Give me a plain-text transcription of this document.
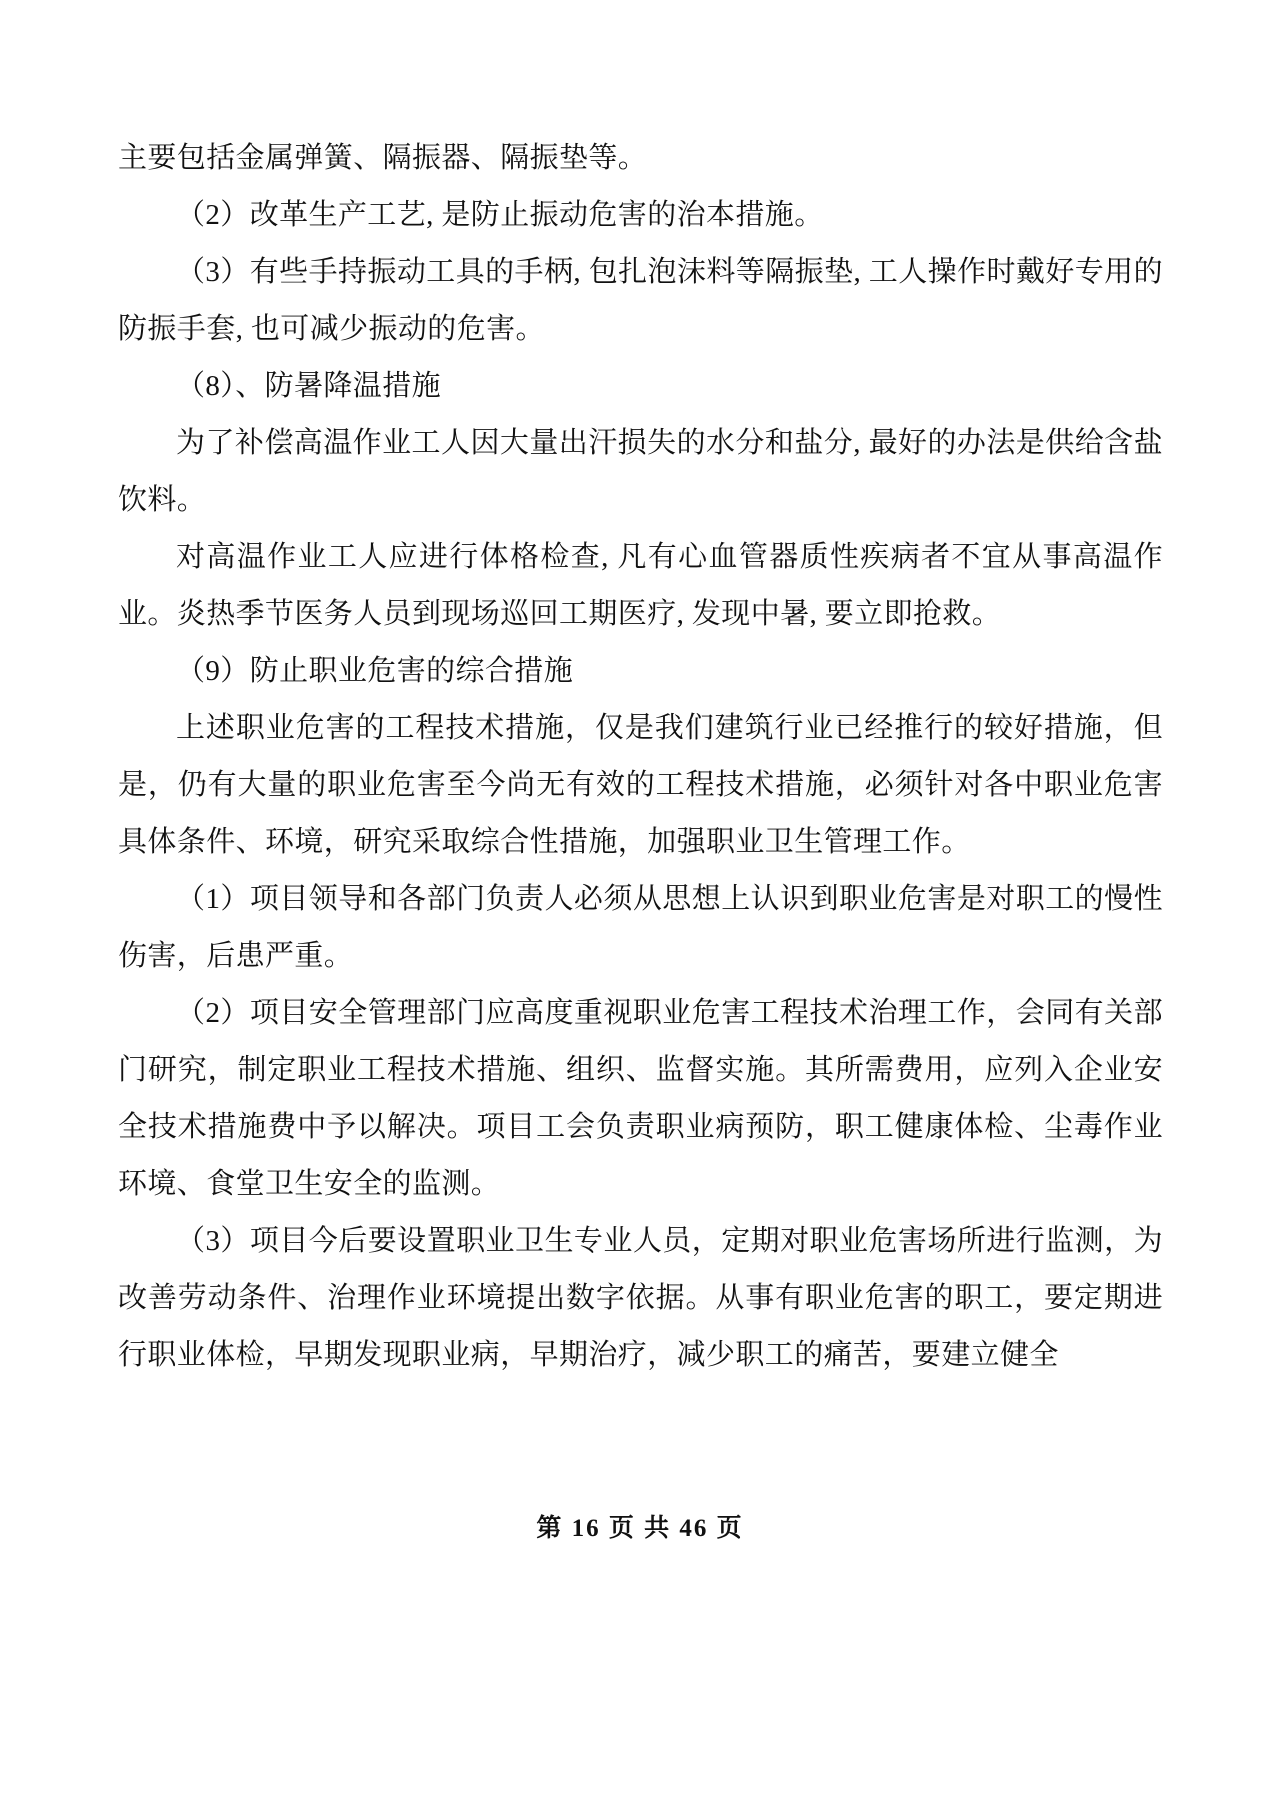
主要包括金属弹簧、隔振器、隔振垫等。

（2）改革生产工艺, 是防止振动危害的治本措施。

（3）有些手持振动工具的手柄, 包扎泡沫料等隔振垫, 工人操作时戴好专用的防振手套, 也可减少振动的危害。

（8）、防暑降温措施

为了补偿高温作业工人因大量出汗损失的水分和盐分, 最好的办法是供给含盐饮料。

对高温作业工人应进行体格检查, 凡有心血管器质性疾病者不宜从事高温作业。炎热季节医务人员到现场巡回工期医疗, 发现中暑, 要立即抢救。

（9）防止职业危害的综合措施

上述职业危害的工程技术措施，仅是我们建筑行业已经推行的较好措施，但是，仍有大量的职业危害至今尚无有效的工程技术措施，必须针对各中职业危害具体条件、环境，研究采取综合性措施，加强职业卫生管理工作。

（1）项目领导和各部门负责人必须从思想上认识到职业危害是对职工的慢性伤害，后患严重。

（2）项目安全管理部门应高度重视职业危害工程技术治理工作，会同有关部门研究，制定职业工程技术措施、组织、监督实施。其所需费用，应列入企业安全技术措施费中予以解决。项目工会负责职业病预防，职工健康体检、尘毒作业环境、食堂卫生安全的监测。

（3）项目今后要设置职业卫生专业人员，定期对职业危害场所进行监测，为改善劳动条件、治理作业环境提出数字依据。从事有职业危害的职工，要定期进行职业体检，早期发现职业病，早期治疗，减少职工的痛苦，要建立健全

第 16 页 共 46 页
